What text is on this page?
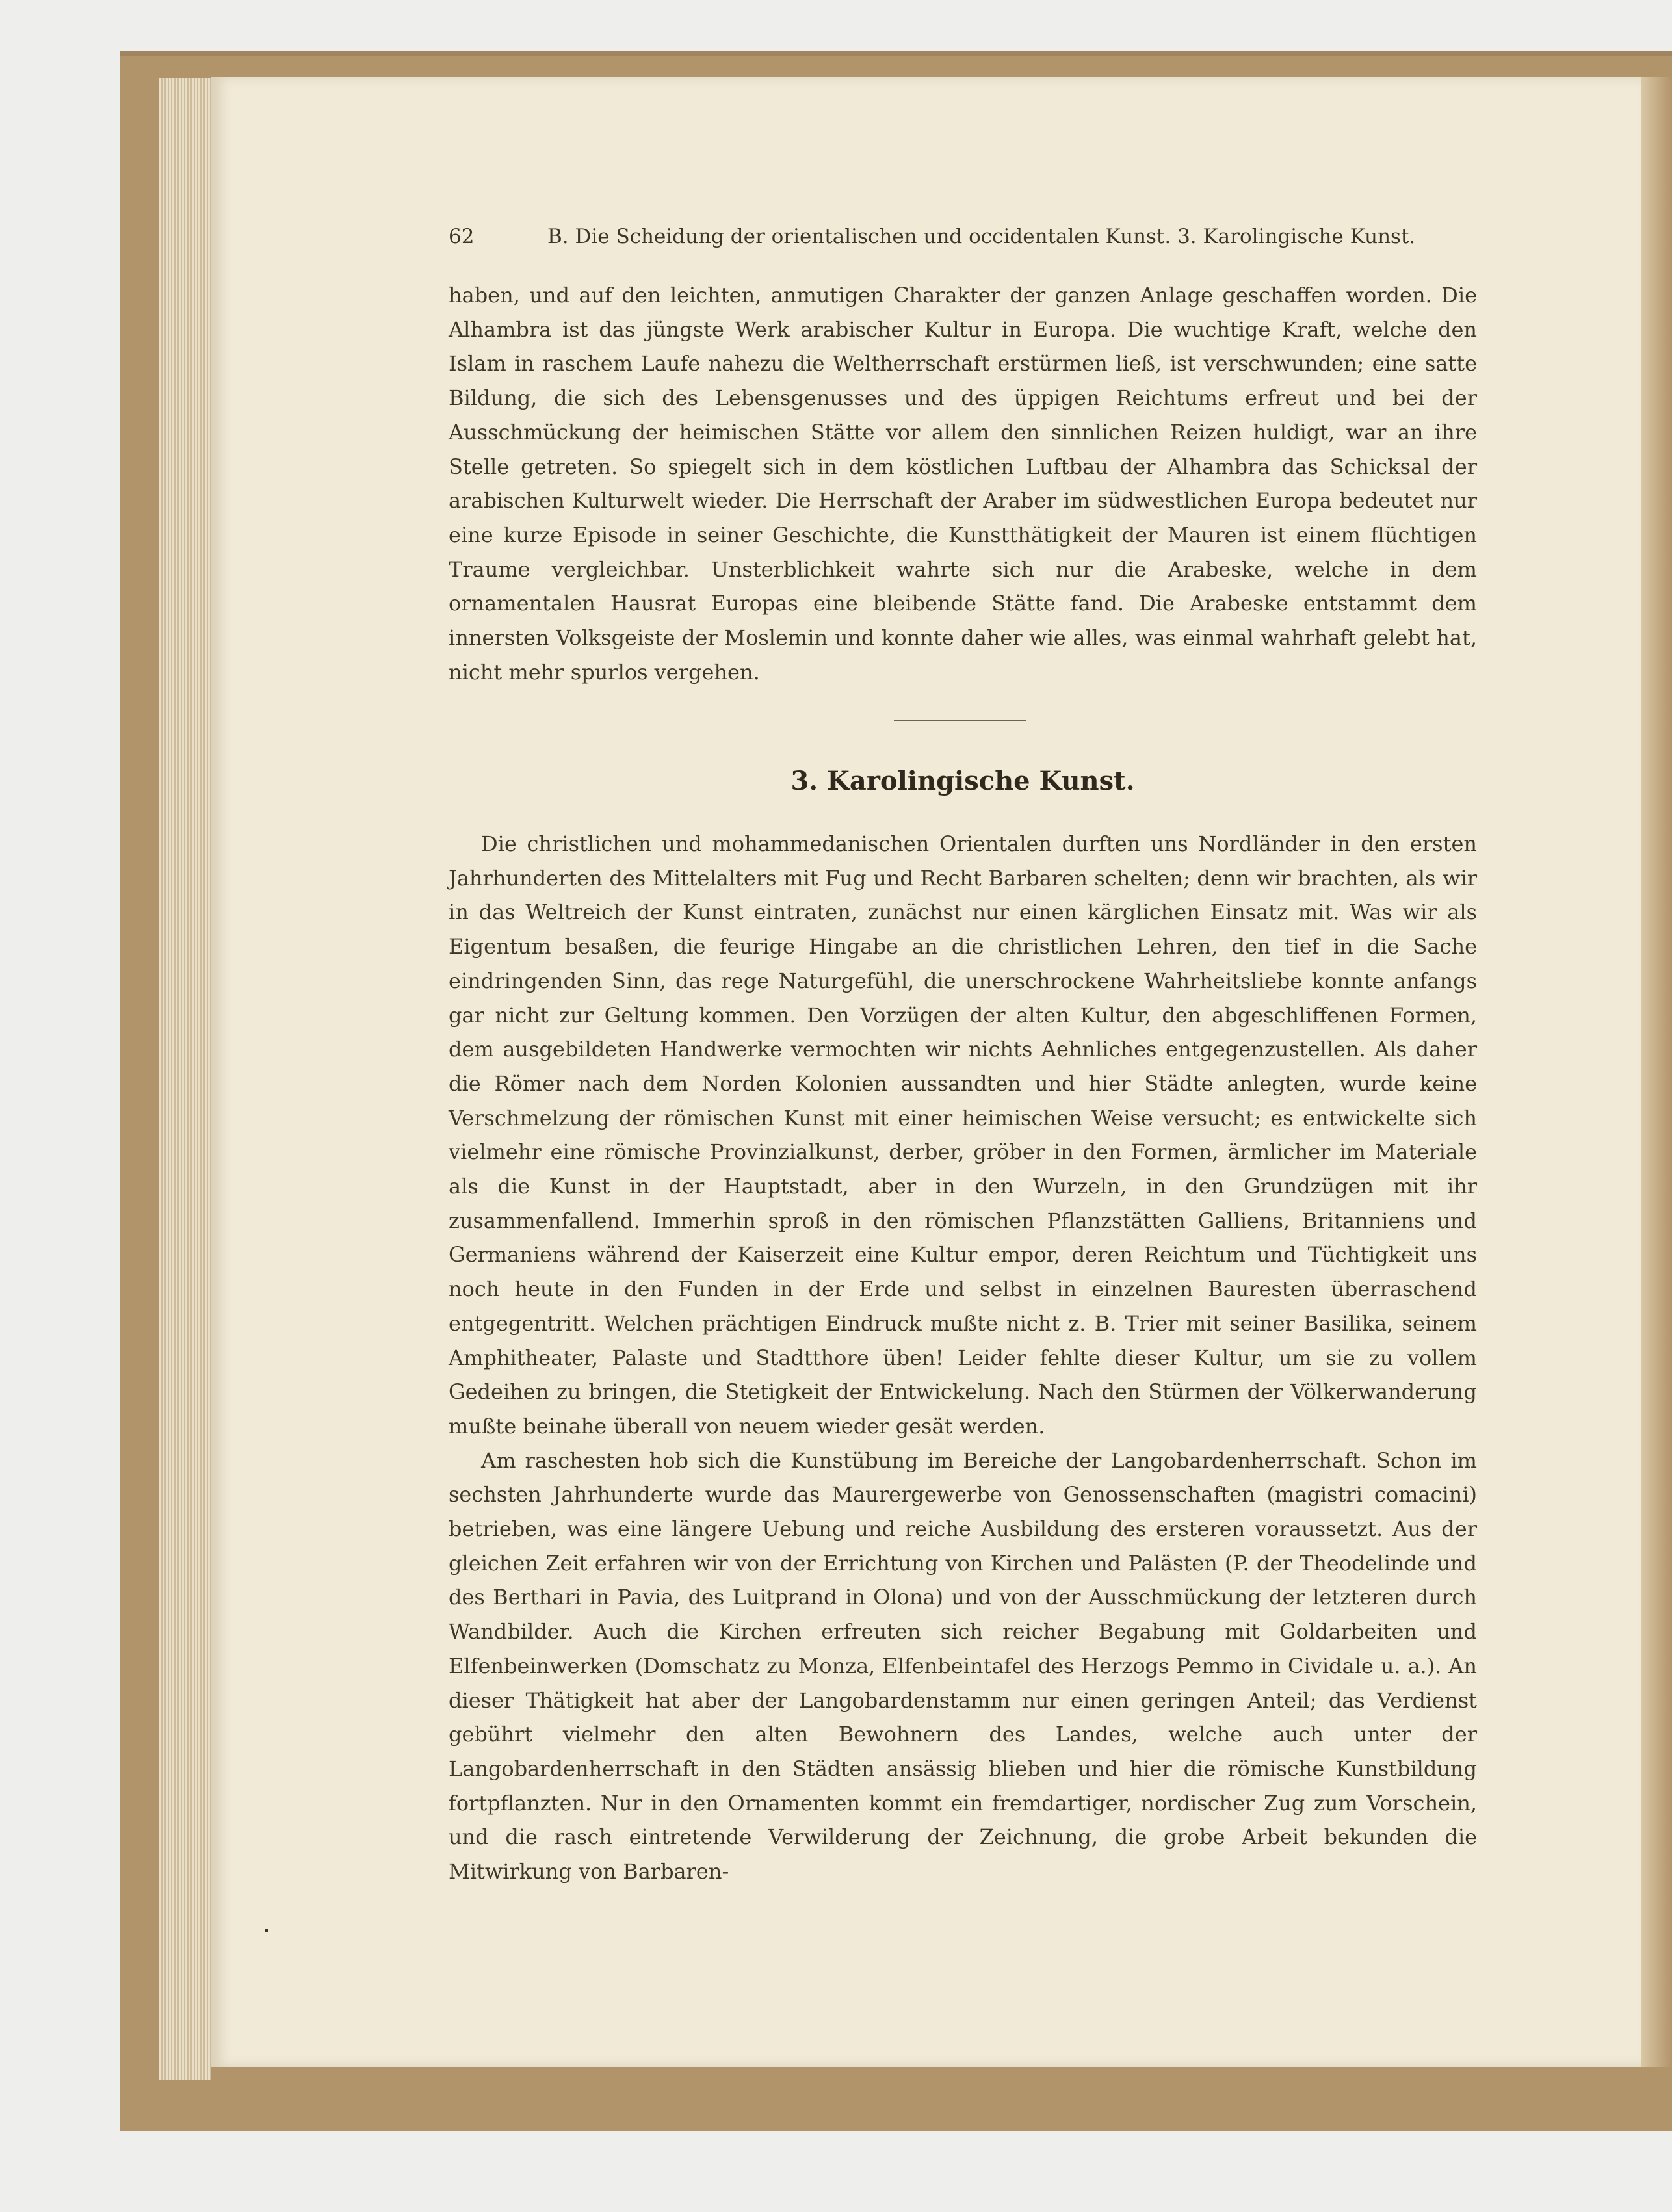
62	B. Die Scheidung der orientalischen und occidentalen Kunst. 3. Karolingische Kunst.

haben, und auf den leichten, anmutigen Charakter der ganzen Anlage geschaffen worden. Die Alhambra ist das jüngste Werk arabischer Kultur in Europa. Die wuchtige Kraft, welche den Islam in raschem Laufe nahezu die Weltherrschaft erstürmen ließ, ist verschwunden; eine satte Bildung, die sich des Lebensgenusses und des üppigen Reichtums erfreut und bei der Ausschmückung der heimischen Stätte vor allem den sinnlichen Reizen huldigt, war an ihre Stelle getreten. So spiegelt sich in dem köstlichen Luftbau der Alhambra das Schicksal der arabischen Kulturwelt wieder. Die Herrschaft der Araber im südwestlichen Europa bedeutet nur eine kurze Episode in seiner Geschichte, die Kunstthätigkeit der Mauren ist einem flüchtigen Traume vergleichbar. Unsterblichkeit wahrte sich nur die Arabeske, welche in dem ornamentalen Hausrat Europas eine bleibende Stätte fand. Die Arabeske entstammt dem innersten Volksgeiste der Moslemin und konnte daher wie alles, was einmal wahrhaft gelebt hat, nicht mehr spurlos vergehen.

3. Karolingische Kunst.

Die christlichen und mohammedanischen Orientalen durften uns Nordländer in den ersten Jahrhunderten des Mittelalters mit Fug und Recht Barbaren schelten; denn wir brachten, als wir in das Weltreich der Kunst eintraten, zunächst nur einen kärglichen Einsatz mit. Was wir als Eigentum besaßen, die feurige Hingabe an die christlichen Lehren, den tief in die Sache eindringenden Sinn, das rege Naturgefühl, die unerschrockene Wahrheitsliebe konnte anfangs gar nicht zur Geltung kommen. Den Vorzügen der alten Kultur, den abgeschliffenen Formen, dem ausgebildeten Handwerke vermochten wir nichts Aehnliches entgegenzustellen. Als daher die Römer nach dem Norden Kolonien aussandten und hier Städte anlegten, wurde keine Verschmelzung der römischen Kunst mit einer heimischen Weise versucht; es entwickelte sich vielmehr eine römische Provinzialkunst, derber, gröber in den Formen, ärmlicher im Materiale als die Kunst in der Hauptstadt, aber in den Wurzeln, in den Grundzügen mit ihr zusammenfallend. Immerhin sproß in den römischen Pflanzstätten Galliens, Britanniens und Germaniens während der Kaiserzeit eine Kultur empor, deren Reichtum und Tüchtigkeit uns noch heute in den Funden in der Erde und selbst in einzelnen Bauresten überraschend entgegentritt. Welchen prächtigen Eindruck mußte nicht z. B. Trier mit seiner Basilika, seinem Amphitheater, Palaste und Stadtthore üben! Leider fehlte dieser Kultur, um sie zu vollem Gedeihen zu bringen, die Stetigkeit der Entwickelung. Nach den Stürmen der Völkerwanderung mußte beinahe überall von neuem wieder gesät werden.

Am raschesten hob sich die Kunstübung im Bereiche der Langobardenherrschaft. Schon im sechsten Jahrhunderte wurde das Maurergewerbe von Genossenschaften (magistri comacini) betrieben, was eine längere Uebung und reiche Ausbildung des ersteren voraussetzt. Aus der gleichen Zeit erfahren wir von der Errichtung von Kirchen und Palästen (P. der Theodelinde und des Berthari in Pavia, des Luitprand in Olona) und von der Ausschmückung der letzteren durch Wandbilder. Auch die Kirchen erfreuten sich reicher Begabung mit Goldarbeiten und Elfenbeinwerken (Domschatz zu Monza, Elfenbeintafel des Herzogs Pemmo in Cividale u. a.). An dieser Thätigkeit hat aber der Langobardenstamm nur einen geringen Anteil; das Verdienst gebührt vielmehr den alten Bewohnern des Landes, welche auch unter der Langobardenherrschaft in den Städten ansässig blieben und hier die römische Kunstbildung fortpflanzten. Nur in den Ornamenten kommt ein fremdartiger, nordischer Zug zum Vorschein, und die rasch eintretende Verwilderung der Zeichnung, die grobe Arbeit bekunden die Mitwirkung von Barbaren-
